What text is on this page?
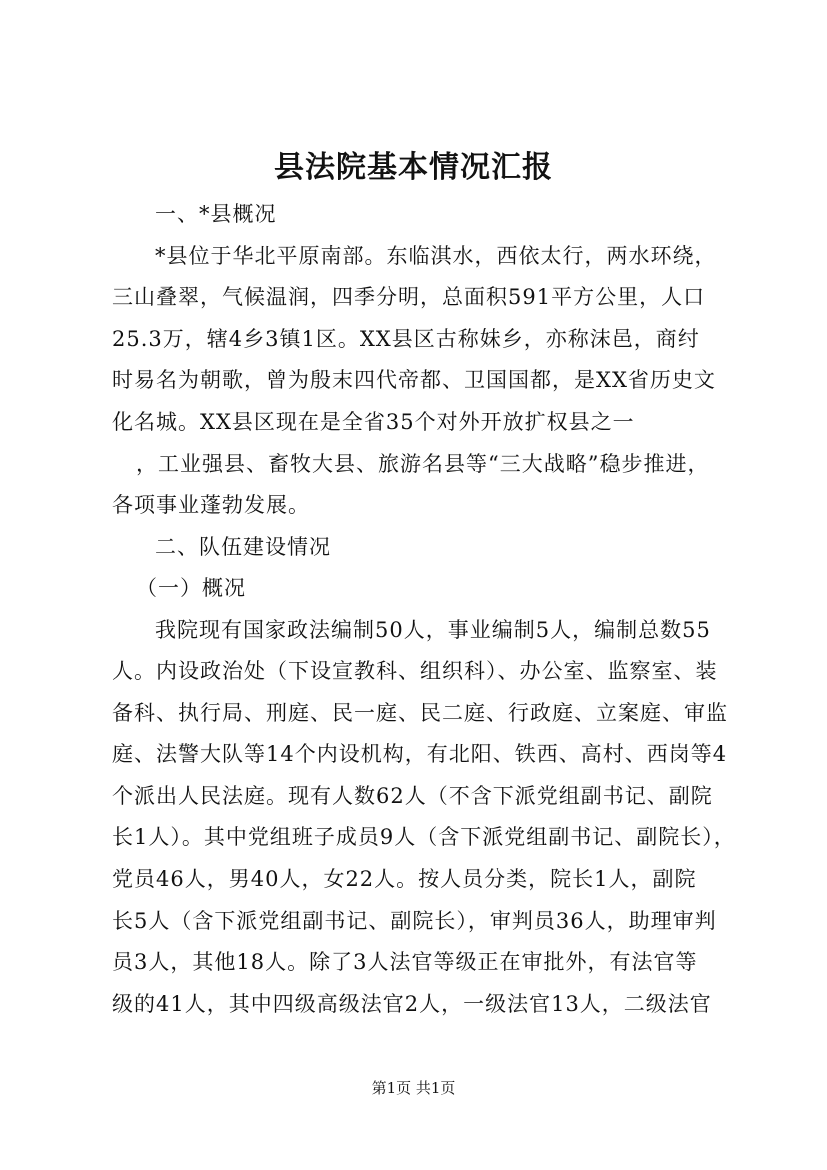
县法院基本情况汇报
一、*县概况
*县位于华北平原南部。东临淇水，西依太行，两水环绕，
三山叠翠，气候温润，四季分明，总面积591平方公里，人口
25.3万，辖4乡3镇1区。XX县区古称妹乡，亦称沫邑，商纣
时易名为朝歌，曾为殷末四代帝都、卫国国都，是XX省历史文
化名城。XX县区现在是全省35个对外开放扩权县之一
，工业强县、畜牧大县、旅游名县等“三大战略”稳步推进，
各项事业蓬勃发展。
二、队伍建设情况
（一）概况
我院现有国家政法编制50人，事业编制5人，编制总数55
人。内设政治处（下设宣教科、组织科）、办公室、监察室、装
备科、执行局、刑庭、民一庭、民二庭、行政庭、立案庭、审监
庭、法警大队等14个内设机构，有北阳、铁西、高村、西岗等4
个派出人民法庭。现有人数62人（不含下派党组副书记、副院
长1人）。其中党组班子成员9人（含下派党组副书记、副院长），
党员46人，男40人，女22人。按人员分类，院长1人，副院
长5人（含下派党组副书记、副院长），审判员36人，助理审判
员3人，其他18人。除了3人法官等级正在审批外，有法官等
级的41人，其中四级高级法官2人，一级法官13人，二级法官
第1页 共1页
